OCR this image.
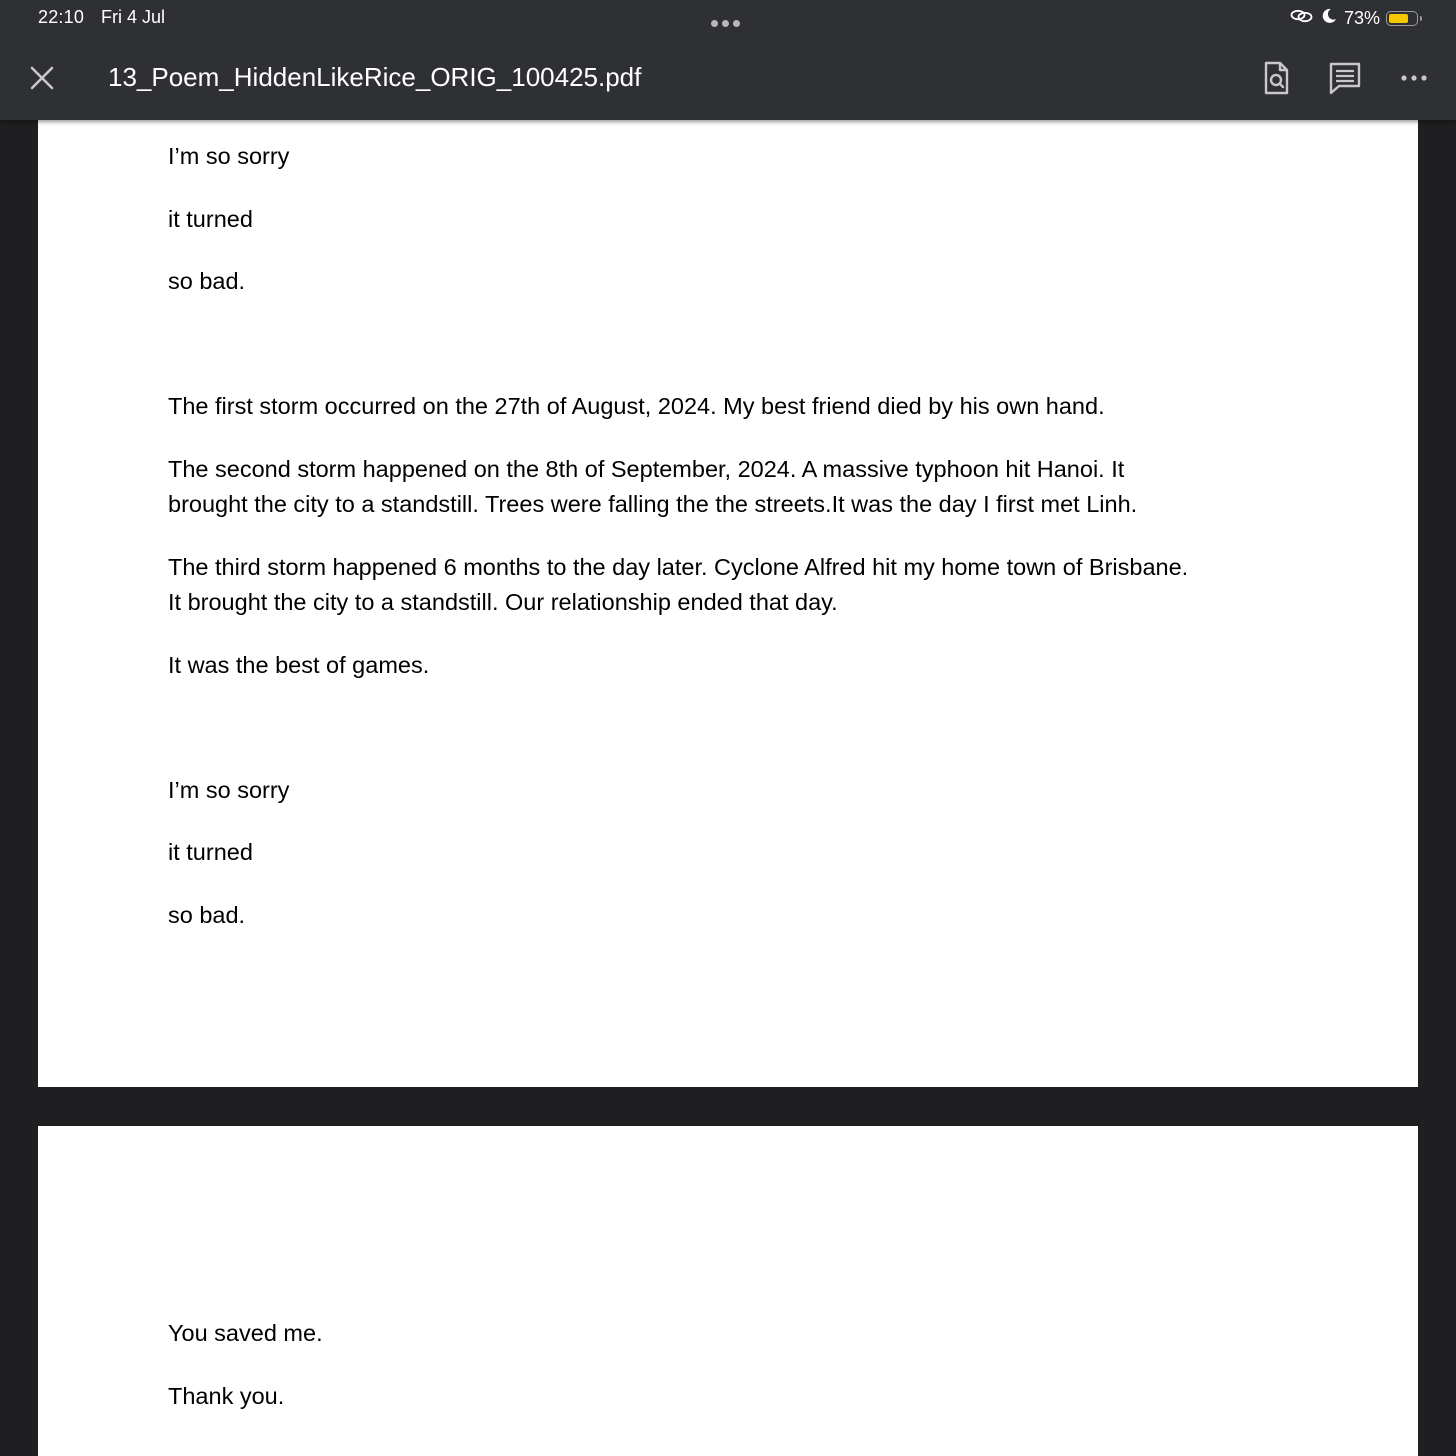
22:10 Fri 4 Jul	73%
13_Poem_HiddenLikeRice_ORIG_100425.pdf

I’m so sorry

it turned

so bad.

The first storm occurred on the 27th of August, 2024. My best friend died by his own hand.

The second storm happened on the 8th of September, 2024. A massive typhoon hit Hanoi. It

brought the city to a standstill. Trees were falling the the streets.It was the day I first met Linh.

The third storm happened 6 months to the day later. Cyclone Alfred hit my home town of Brisbane.

It brought the city to a standstill. Our relationship ended that day.

It was the best of games.

I’m so sorry

it turned

so bad.

You saved me.

Thank you.
